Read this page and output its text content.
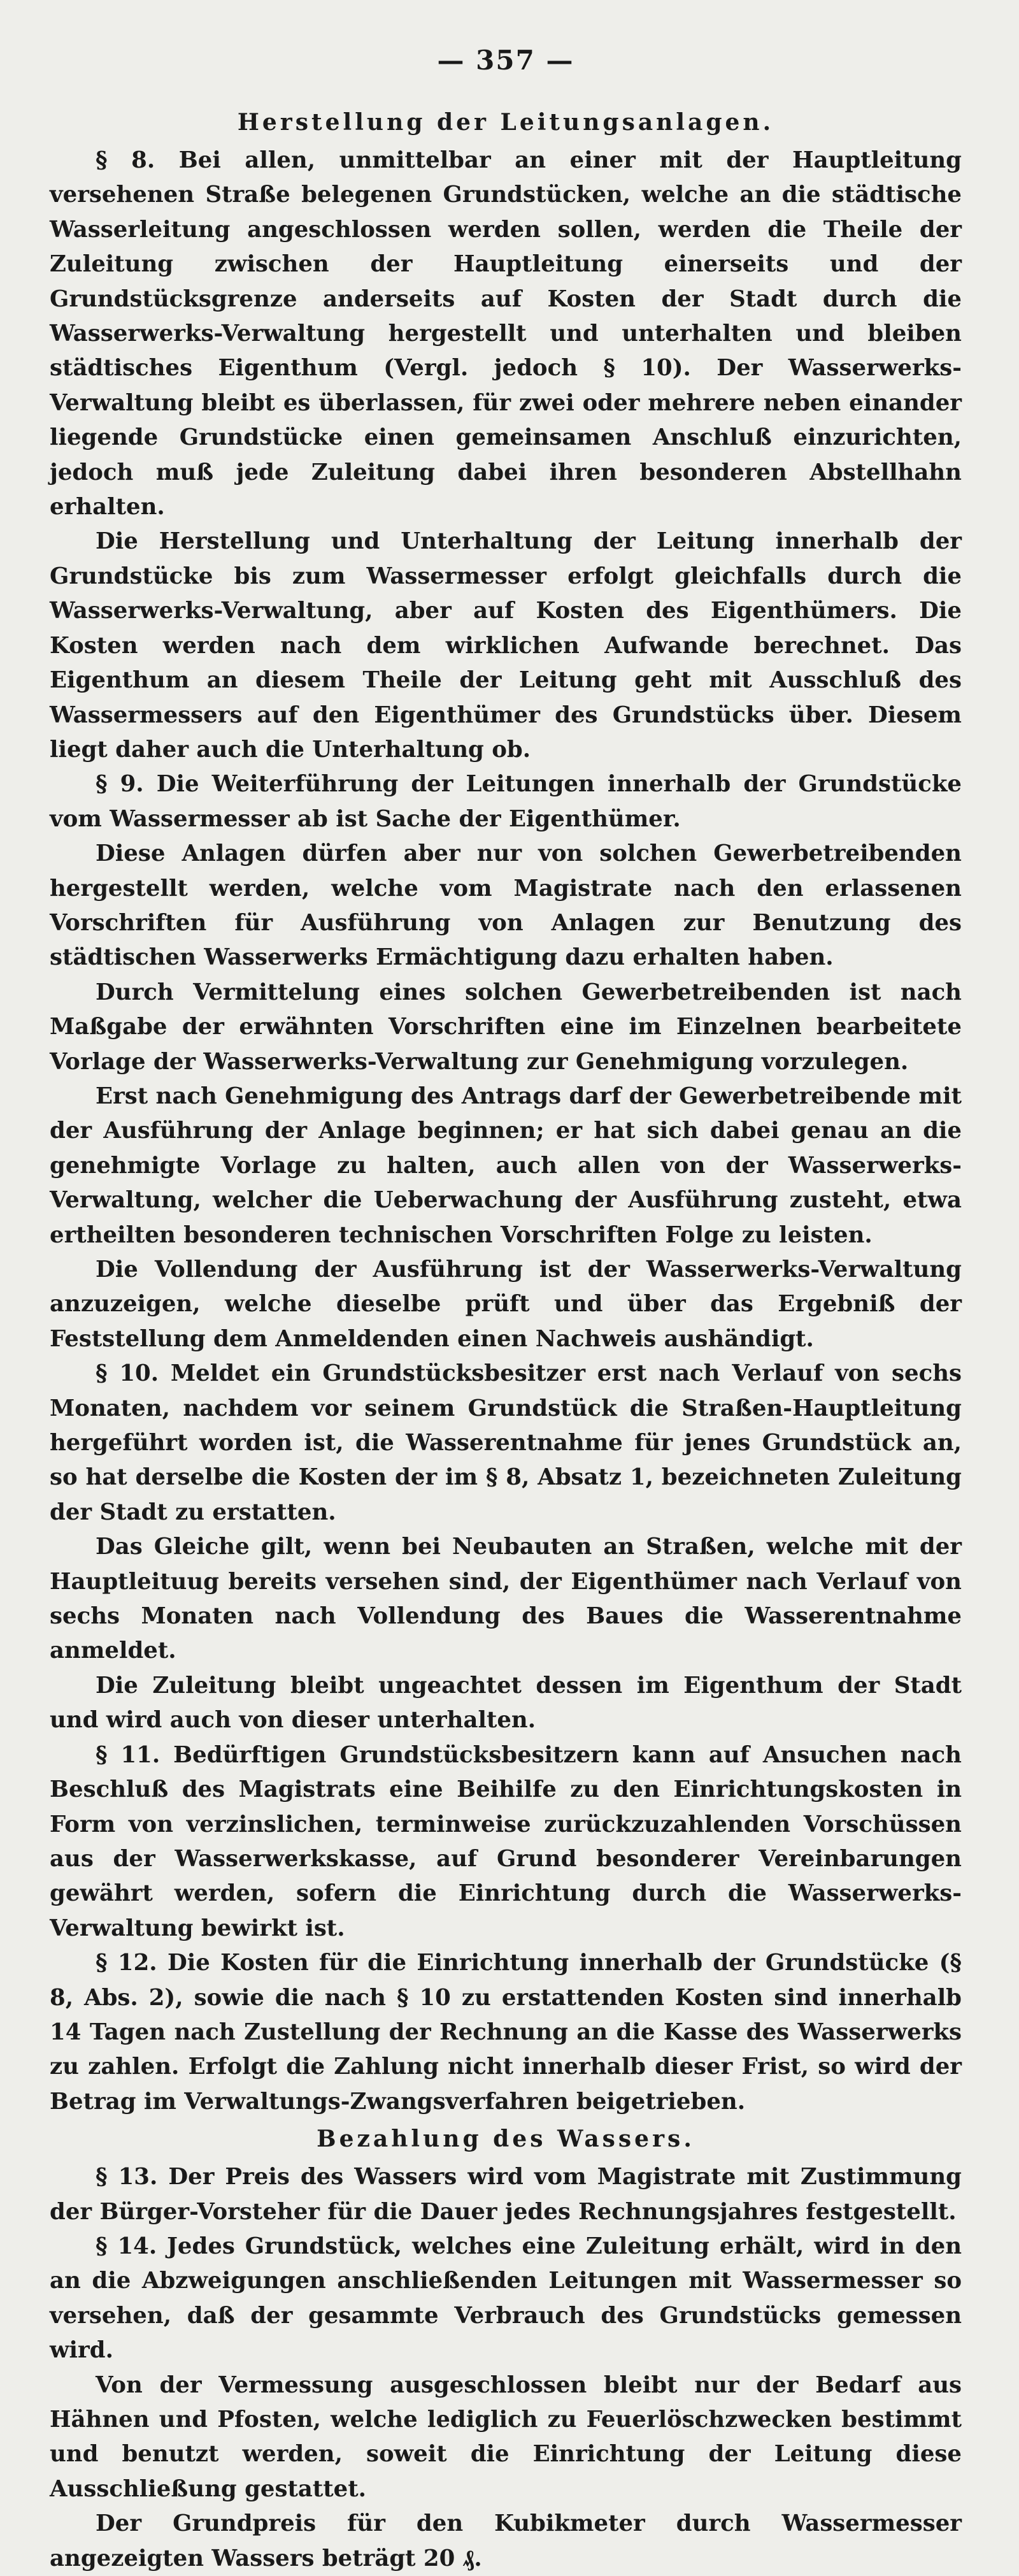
— 357 —
Herstellung der Leitungsanlagen.

§ 8. Bei allen, unmittelbar an einer mit der Hauptleitung versehenen Straße belegenen Grundstücken, welche an die städtische Wasserleitung angeschlossen werden sollen, werden die Theile der Zuleitung zwischen der Hauptleitung einerseits und der Grundstücksgrenze anderseits auf Kosten der Stadt durch die Wasserwerks-Verwaltung hergestellt und unterhalten und bleiben städtisches Eigenthum (Vergl. jedoch § 10). Der Wasserwerks-Verwaltung bleibt es überlassen, für zwei oder mehrere neben einander liegende Grundstücke einen gemeinsamen Anschluß einzurichten, jedoch muß jede Zuleitung dabei ihren besonderen Abstellhahn erhalten.

Die Herstellung und Unterhaltung der Leitung innerhalb der Grundstücke bis zum Wassermesser erfolgt gleichfalls durch die Wasserwerks-Verwaltung, aber auf Kosten des Eigenthümers. Die Kosten werden nach dem wirklichen Aufwande berechnet. Das Eigenthum an diesem Theile der Leitung geht mit Ausschluß des Wassermessers auf den Eigenthümer des Grundstücks über. Diesem liegt daher auch die Unterhaltung ob.

§ 9. Die Weiterführung der Leitungen innerhalb der Grundstücke vom Wassermesser ab ist Sache der Eigenthümer.

Diese Anlagen dürfen aber nur von solchen Gewerbetreibenden hergestellt werden, welche vom Magistrate nach den erlassenen Vorschriften für Ausführung von Anlagen zur Benutzung des städtischen Wasserwerks Ermächtigung dazu erhalten haben.

Durch Vermittelung eines solchen Gewerbetreibenden ist nach Maßgabe der erwähnten Vorschriften eine im Einzelnen bearbeitete Vorlage der Wasserwerks-Verwaltung zur Genehmigung vorzulegen.

Erst nach Genehmigung des Antrags darf der Gewerbetreibende mit der Ausführung der Anlage beginnen; er hat sich dabei genau an die genehmigte Vorlage zu halten, auch allen von der Wasserwerks-Verwaltung, welcher die Ueberwachung der Ausführung zusteht, etwa ertheilten besonderen technischen Vorschriften Folge zu leisten.

Die Vollendung der Ausführung ist der Wasserwerks-Verwaltung anzuzeigen, welche dieselbe prüft und über das Ergebniß der Feststellung dem Anmeldenden einen Nachweis aushändigt.

§ 10. Meldet ein Grundstücksbesitzer erst nach Verlauf von sechs Monaten, nachdem vor seinem Grundstück die Straßen-Hauptleitung hergeführt worden ist, die Wasserentnahme für jenes Grundstück an, so hat derselbe die Kosten der im § 8, Absatz 1, bezeichneten Zuleitung der Stadt zu erstatten.

Das Gleiche gilt, wenn bei Neubauten an Straßen, welche mit der Hauptleituug bereits versehen sind, der Eigenthümer nach Verlauf von sechs Monaten nach Vollendung des Baues die Wasserentnahme anmeldet.

Die Zuleitung bleibt ungeachtet dessen im Eigenthum der Stadt und wird auch von dieser unterhalten.

§ 11. Bedürftigen Grundstücksbesitzern kann auf Ansuchen nach Beschluß des Magistrats eine Beihilfe zu den Einrichtungskosten in Form von verzinslichen, terminweise zurückzuzahlenden Vorschüssen aus der Wasserwerkskasse, auf Grund besonderer Vereinbarungen gewährt werden, sofern die Einrichtung durch die Wasserwerks-Verwaltung bewirkt ist.

§ 12. Die Kosten für die Einrichtung innerhalb der Grundstücke (§ 8, Abs. 2), sowie die nach § 10 zu erstattenden Kosten sind innerhalb 14 Tagen nach Zustellung der Rechnung an die Kasse des Wasserwerks zu zahlen. Erfolgt die Zahlung nicht innerhalb dieser Frist, so wird der Betrag im Verwaltungs-Zwangsverfahren beigetrieben.

Bezahlung des Wassers.

§ 13. Der Preis des Wassers wird vom Magistrate mit Zustimmung der Bürger-Vorsteher für die Dauer jedes Rechnungsjahres festgestellt.

§ 14. Jedes Grundstück, welches eine Zuleitung erhält, wird in den an die Abzweigungen anschließenden Leitungen mit Wassermesser so versehen, daß der gesammte Verbrauch des Grundstücks gemessen wird.

Von der Vermessung ausgeschlossen bleibt nur der Bedarf aus Hähnen und Pfosten, welche lediglich zu Feuerlöschzwecken bestimmt und benutzt werden, soweit die Einrichtung der Leitung diese Ausschließung gestattet.

Der Grundpreis für den Kubikmeter durch Wassermesser angezeigten Wassers beträgt 20 ₰.
